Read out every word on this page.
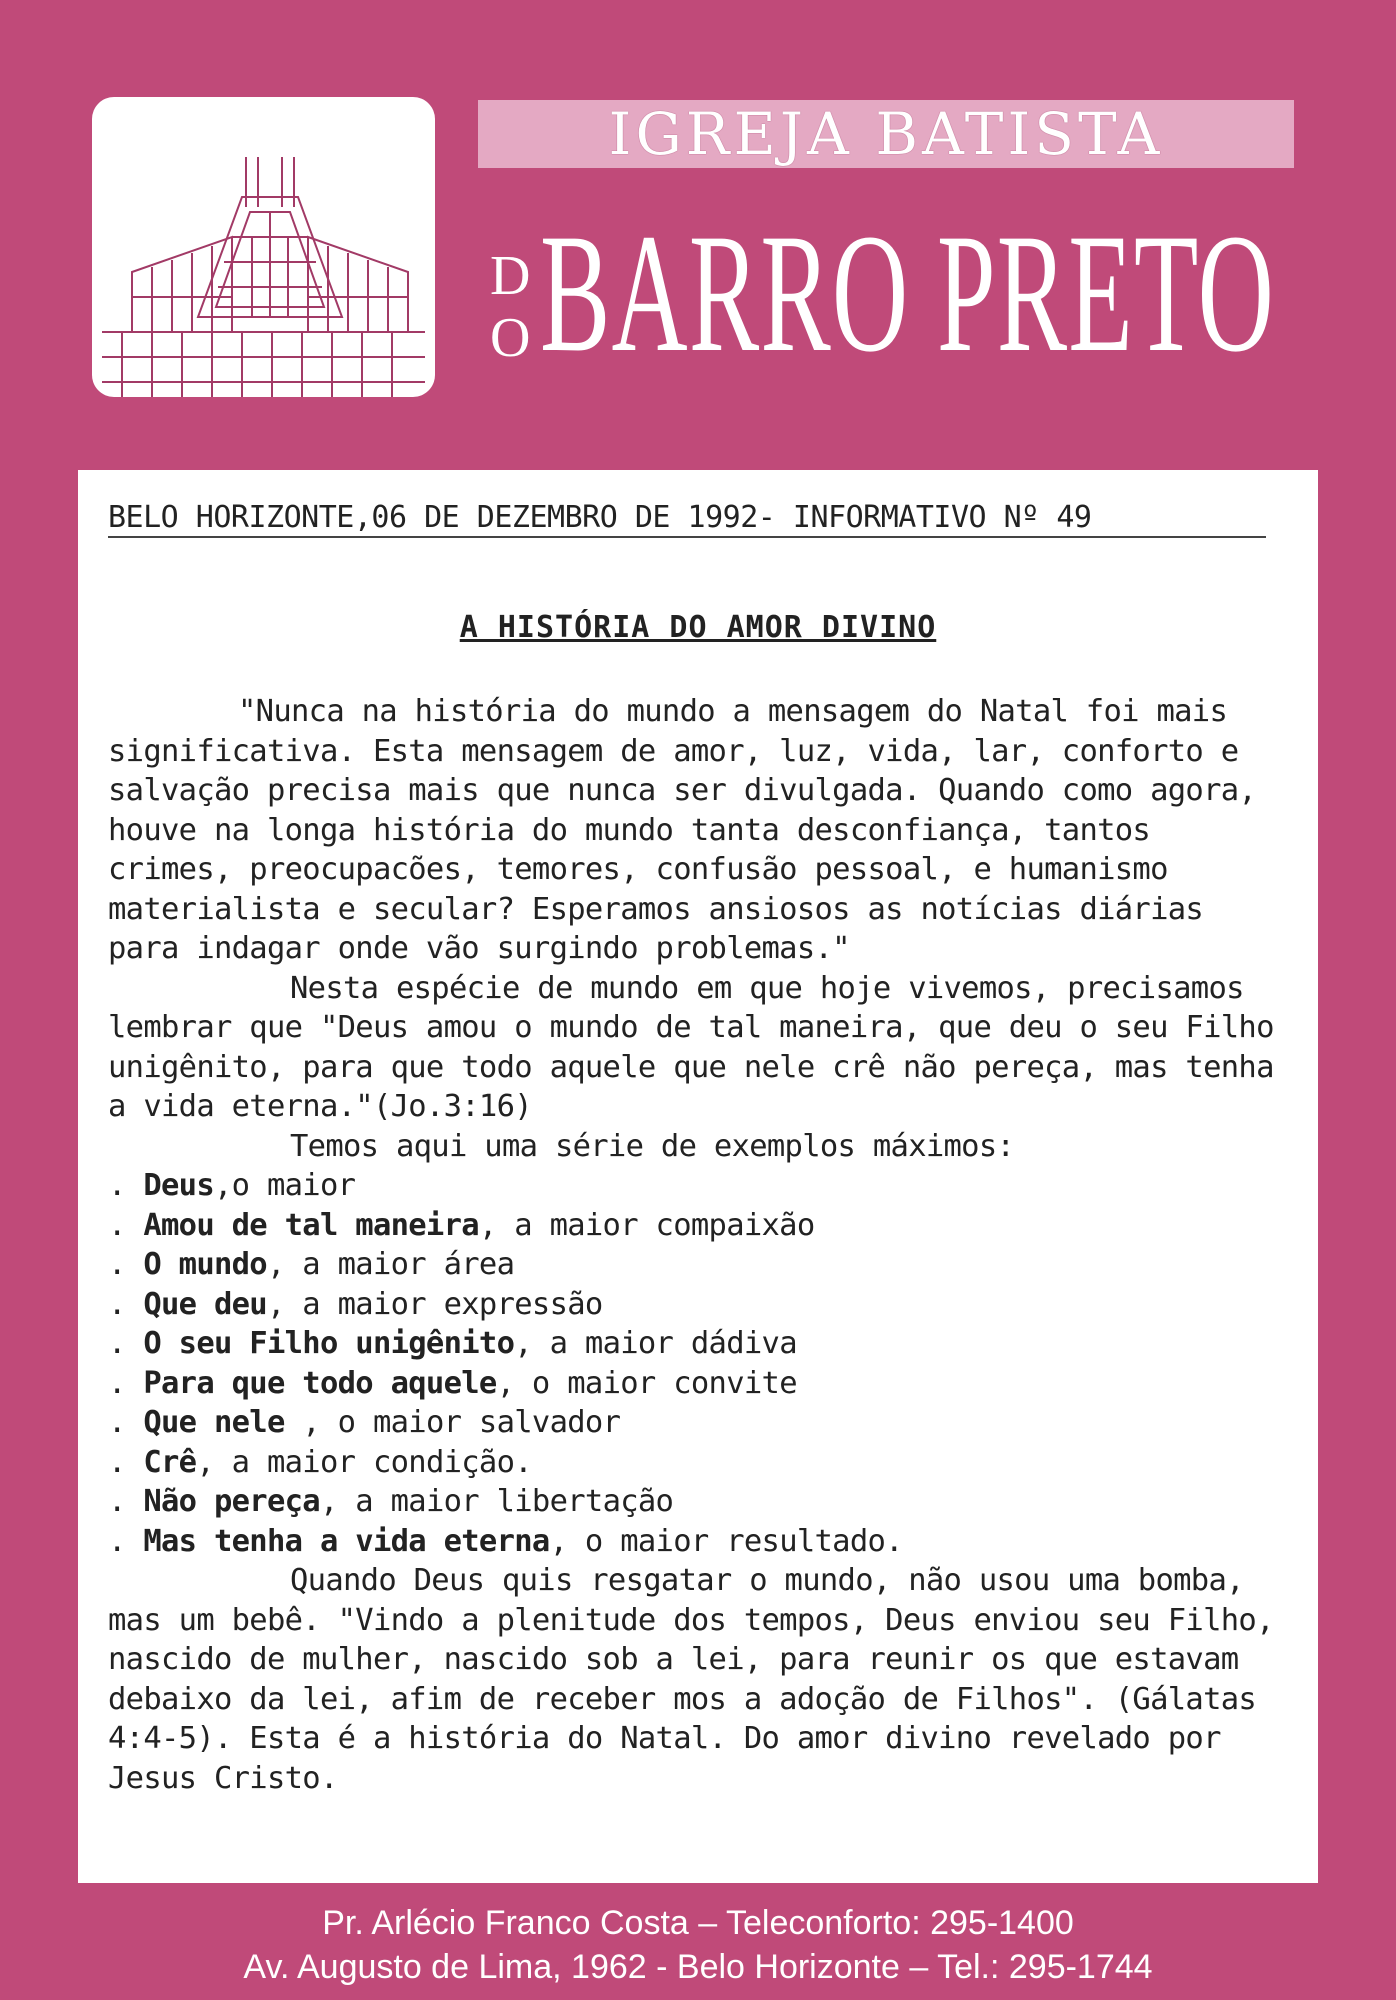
IGREJA BATISTA
DO BARRO PRETO
BELO HORIZONTE,06 DE DEZEMBRO DE 1992- INFORMATIVO Nº 49
A HISTÓRIA DO AMOR DIVINO

"Nunca na história do mundo a mensagem do Natal foi mais significativa. Esta mensagem de amor, luz, vida, lar, conforto e salvação precisa mais que nunca ser divulgada. Quando como agora, houve na longa história do mundo tanta desconfiança, tantos crimes, preocupacões, temores, confusão pessoal, e humanismo materialista e secular? Esperamos ansiosos as notícias diárias para indagar onde vão surgindo problemas."

Nesta espécie de mundo em que hoje vivemos, precisamos lembrar que "Deus amou o mundo de tal maneira, que deu o seu Filho unigênito, para que todo aquele que nele crê não pereça, mas tenha a vida eterna."(Jo.3:16)

Temos aqui uma série de exemplos máximos:

. Deus,o maior
. Amou de tal maneira, a maior compaixão
. O mundo, a maior área
. Que deu, a maior expressão
. O seu Filho unigênito, a maior dádiva
. Para que todo aquele, o maior convite
. Que nele , o maior salvador
. Crê, a maior condição.
. Não pereça, a maior libertação
. Mas tenha a vida eterna, o maior resultado.

Quando Deus quis resgatar o mundo, não usou uma bomba, mas um bebê. "Vindo a plenitude dos tempos, Deus enviou seu Filho, nascido de mulher, nascido sob a lei, para reunir os que estavam debaixo da lei, afim de receber mos a adoção de Filhos". (Gálatas 4:4-5). Esta é a história do Natal. Do amor divino revelado por Jesus Cristo.

Pr. Arlécio Franco Costa – Teleconforto: 295-1400
Av. Augusto de Lima, 1962 - Belo Horizonte – Tel.: 295-1744
